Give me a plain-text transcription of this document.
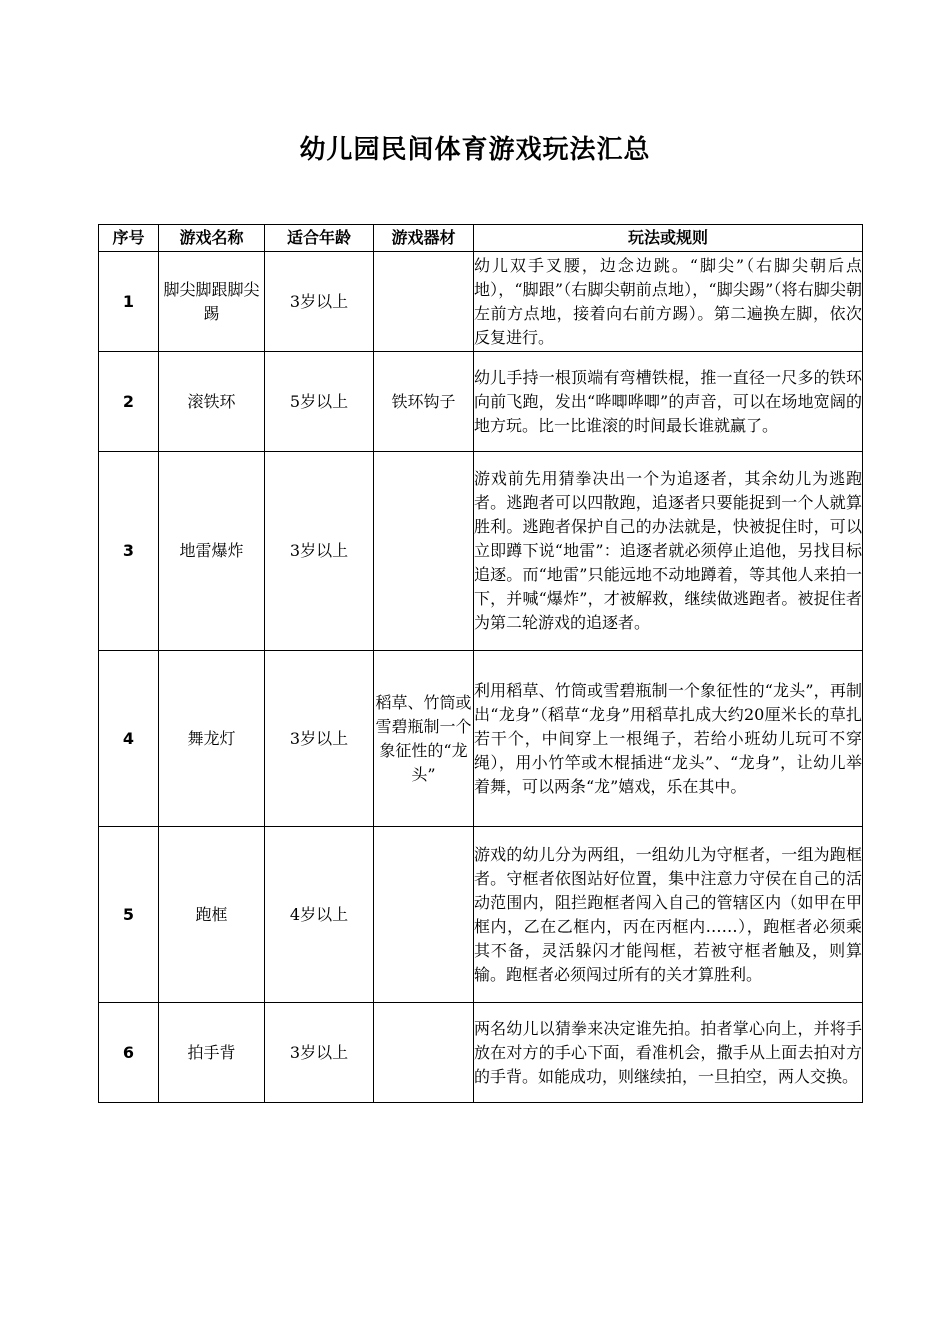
幼儿园民间体育游戏玩法汇总
序号	游戏名称	适合年龄	游戏器材	玩法或规则
1	脚尖脚跟脚尖踢	3岁以上		幼儿双手叉腰，边念边跳。“脚尖”（右脚尖朝后点地），“脚跟”（右脚尖朝前点地），“脚尖踢”（将右脚尖朝左前方点地，接着向右前方踢）。第二遍换左脚，依次反复进行。
2	滚铁环	5岁以上	铁环钩子	幼儿手持一根顶端有弯槽铁棍，推一直径一尺多的铁环向前飞跑，发出“哗唧哗唧”的声音，可以在场地宽阔的地方玩。比一比谁滚的时间最长谁就赢了。
3	地雷爆炸	3岁以上		游戏前先用猜拳决出一个为追逐者，其余幼儿为逃跑者。逃跑者可以四散跑，追逐者只要能捉到一个人就算胜利。逃跑者保护自己的办法就是，快被捉住时，可以立即蹲下说“地雷”：追逐者就必须停止追他，另找目标追逐。而“地雷”只能远地不动地蹲着，等其他人来拍一下，并喊“爆炸”，才被解救，继续做逃跑者。被捉住者为第二轮游戏的追逐者。
4	舞龙灯	3岁以上	稻草、竹筒或雪碧瓶制一个象征性的“龙头”	利用稻草、竹筒或雪碧瓶制一个象征性的“龙头”，再制出“龙身”（稻草“龙身”用稻草扎成大约20厘米长的草扎若干个，中间穿上一根绳子，若给小班幼儿玩可不穿绳），用小竹竿或木棍插进“龙头”、“龙身”，让幼儿举着舞，可以两条“龙”嬉戏，乐在其中。
5	跑框	4岁以上		游戏的幼儿分为两组，一组幼儿为守框者，一组为跑框者。守框者依图站好位置，集中注意力守侯在自己的活动范围内，阻拦跑框者闯入自己的管辖区内（如甲在甲框内，乙在乙框内，丙在丙框内……），跑框者必须乘其不备，灵活躲闪才能闯框，若被守框者触及，则算输。跑框者必须闯过所有的关才算胜利。
6	拍手背	3岁以上		两名幼儿以猜拳来决定谁先拍。拍者掌心向上，并将手放在对方的手心下面，看准机会，撒手从上面去拍对方的手背。如能成功，则继续拍，一旦拍空，两人交换。
